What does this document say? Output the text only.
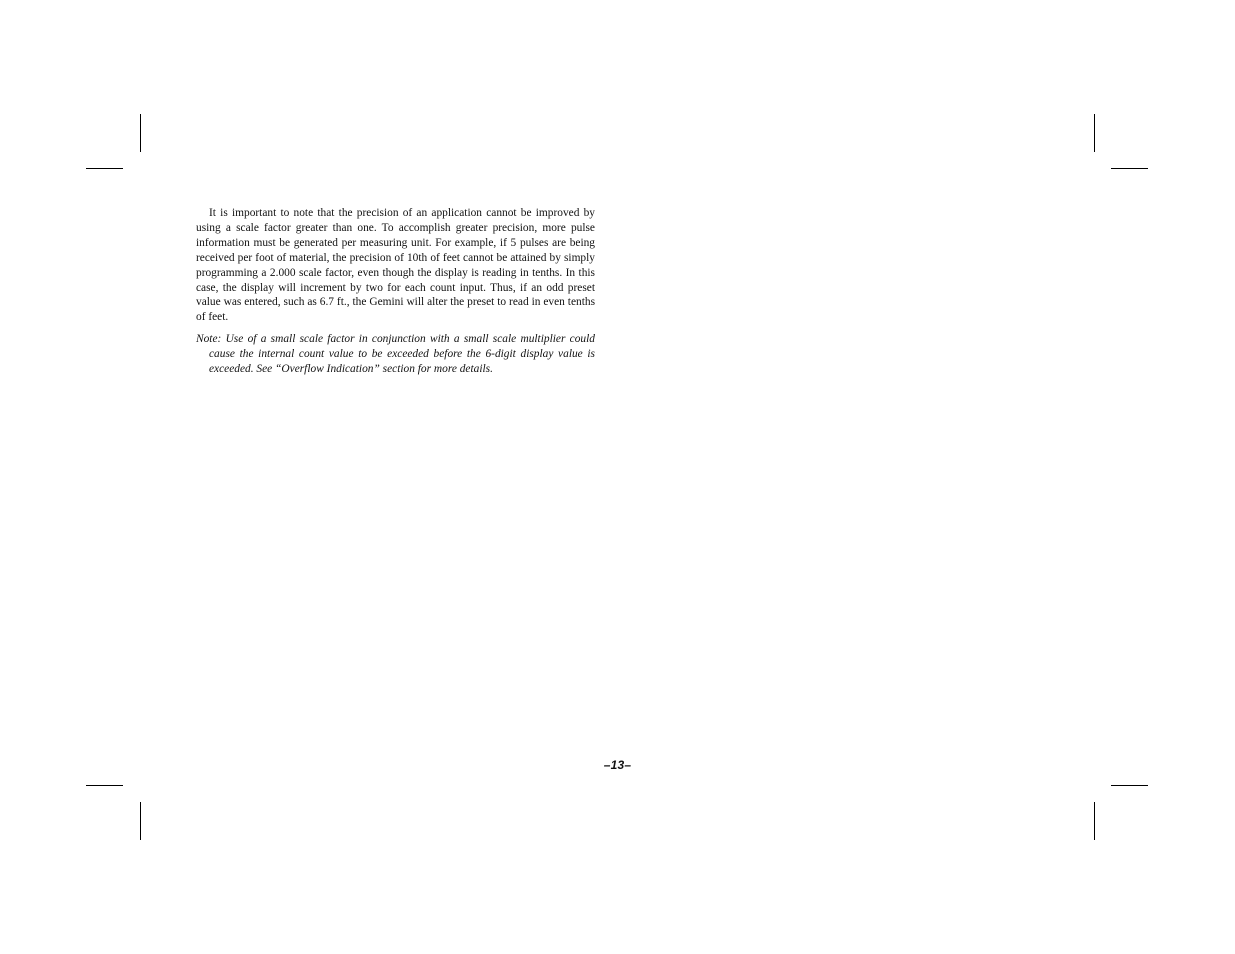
It is important to note that the precision of an application cannot be improved by using a scale factor greater than one. To accomplish greater precision, more pulse information must be generated per measuring unit. For example, if 5 pulses are being received per foot of material, the precision of 10th of feet cannot be attained by simply programming a 2.000 scale factor, even though the display is reading in tenths. In this case, the display will increment by two for each count input. Thus, if an odd preset value was entered, such as 6.7 ft., the Gemini will alter the preset to read in even tenths of feet.

Note: Use of a small scale factor in conjunction with a small scale multiplier could cause the internal count value to be exceeded before the 6-digit display value is exceeded. See “Overflow Indication” section for more details.

–13–
